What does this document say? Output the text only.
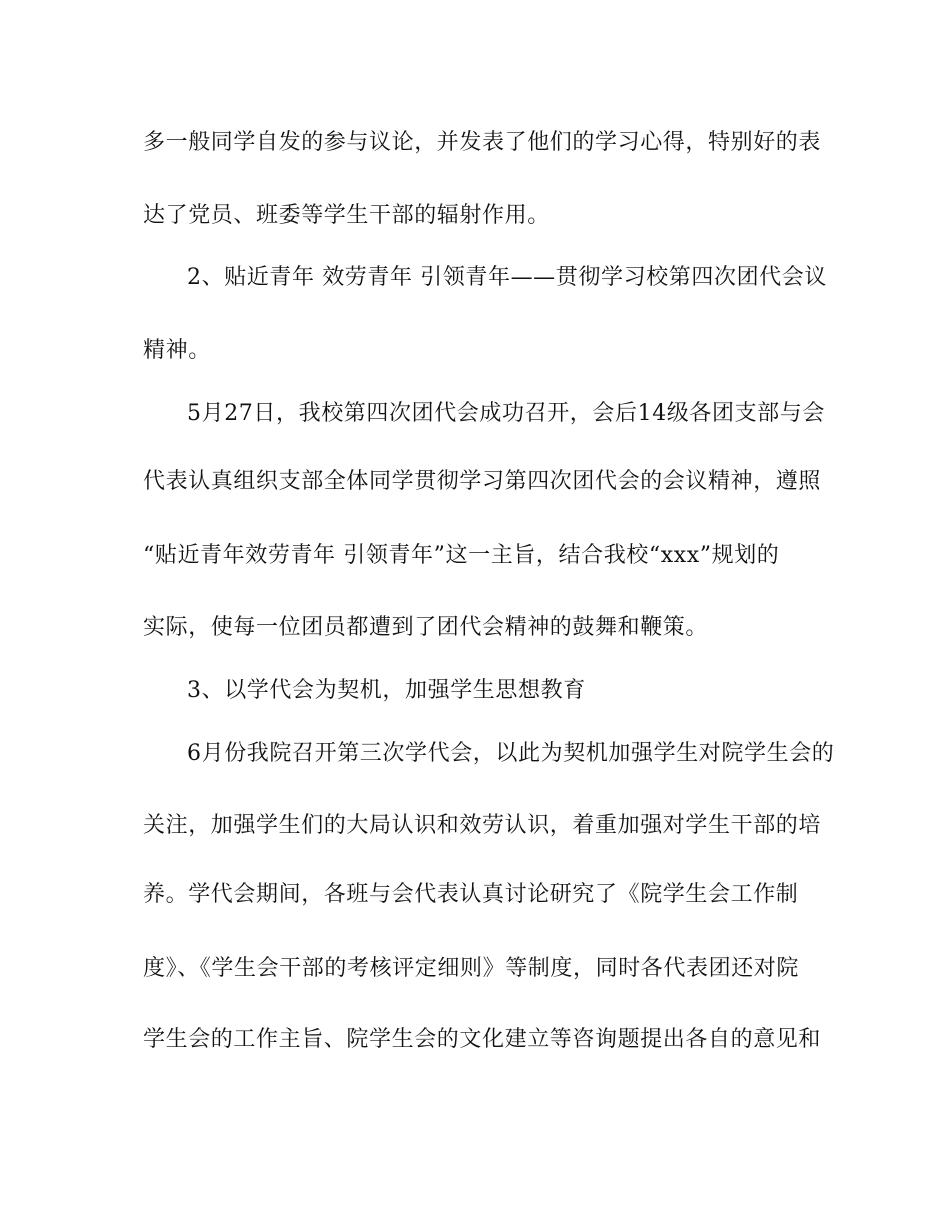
多一般同学自发的参与议论，并发表了他们的学习心得，特别好的表
达了党员、班委等学生干部的辐射作用。
2、贴近青年 效劳青年 引领青年——贯彻学习校第四次团代会议
精神。
5月27日，我校第四次团代会成功召开，会后14级各团支部与会
代表认真组织支部全体同学贯彻学习第四次团代会的会议精神，遵照
“贴近青年效劳青年 引领青年”这一主旨，结合我校“xxx”规划的
实际，使每一位团员都遭到了团代会精神的鼓舞和鞭策。
3、以学代会为契机，加强学生思想教育
6月份我院召开第三次学代会，以此为契机加强学生对院学生会的
关注，加强学生们的大局认识和效劳认识，着重加强对学生干部的培
养。学代会期间，各班与会代表认真讨论研究了《院学生会工作制
度》、《学生会干部的考核评定细则》等制度，同时各代表团还对院
学生会的工作主旨、院学生会的文化建立等咨询题提出各自的意见和
